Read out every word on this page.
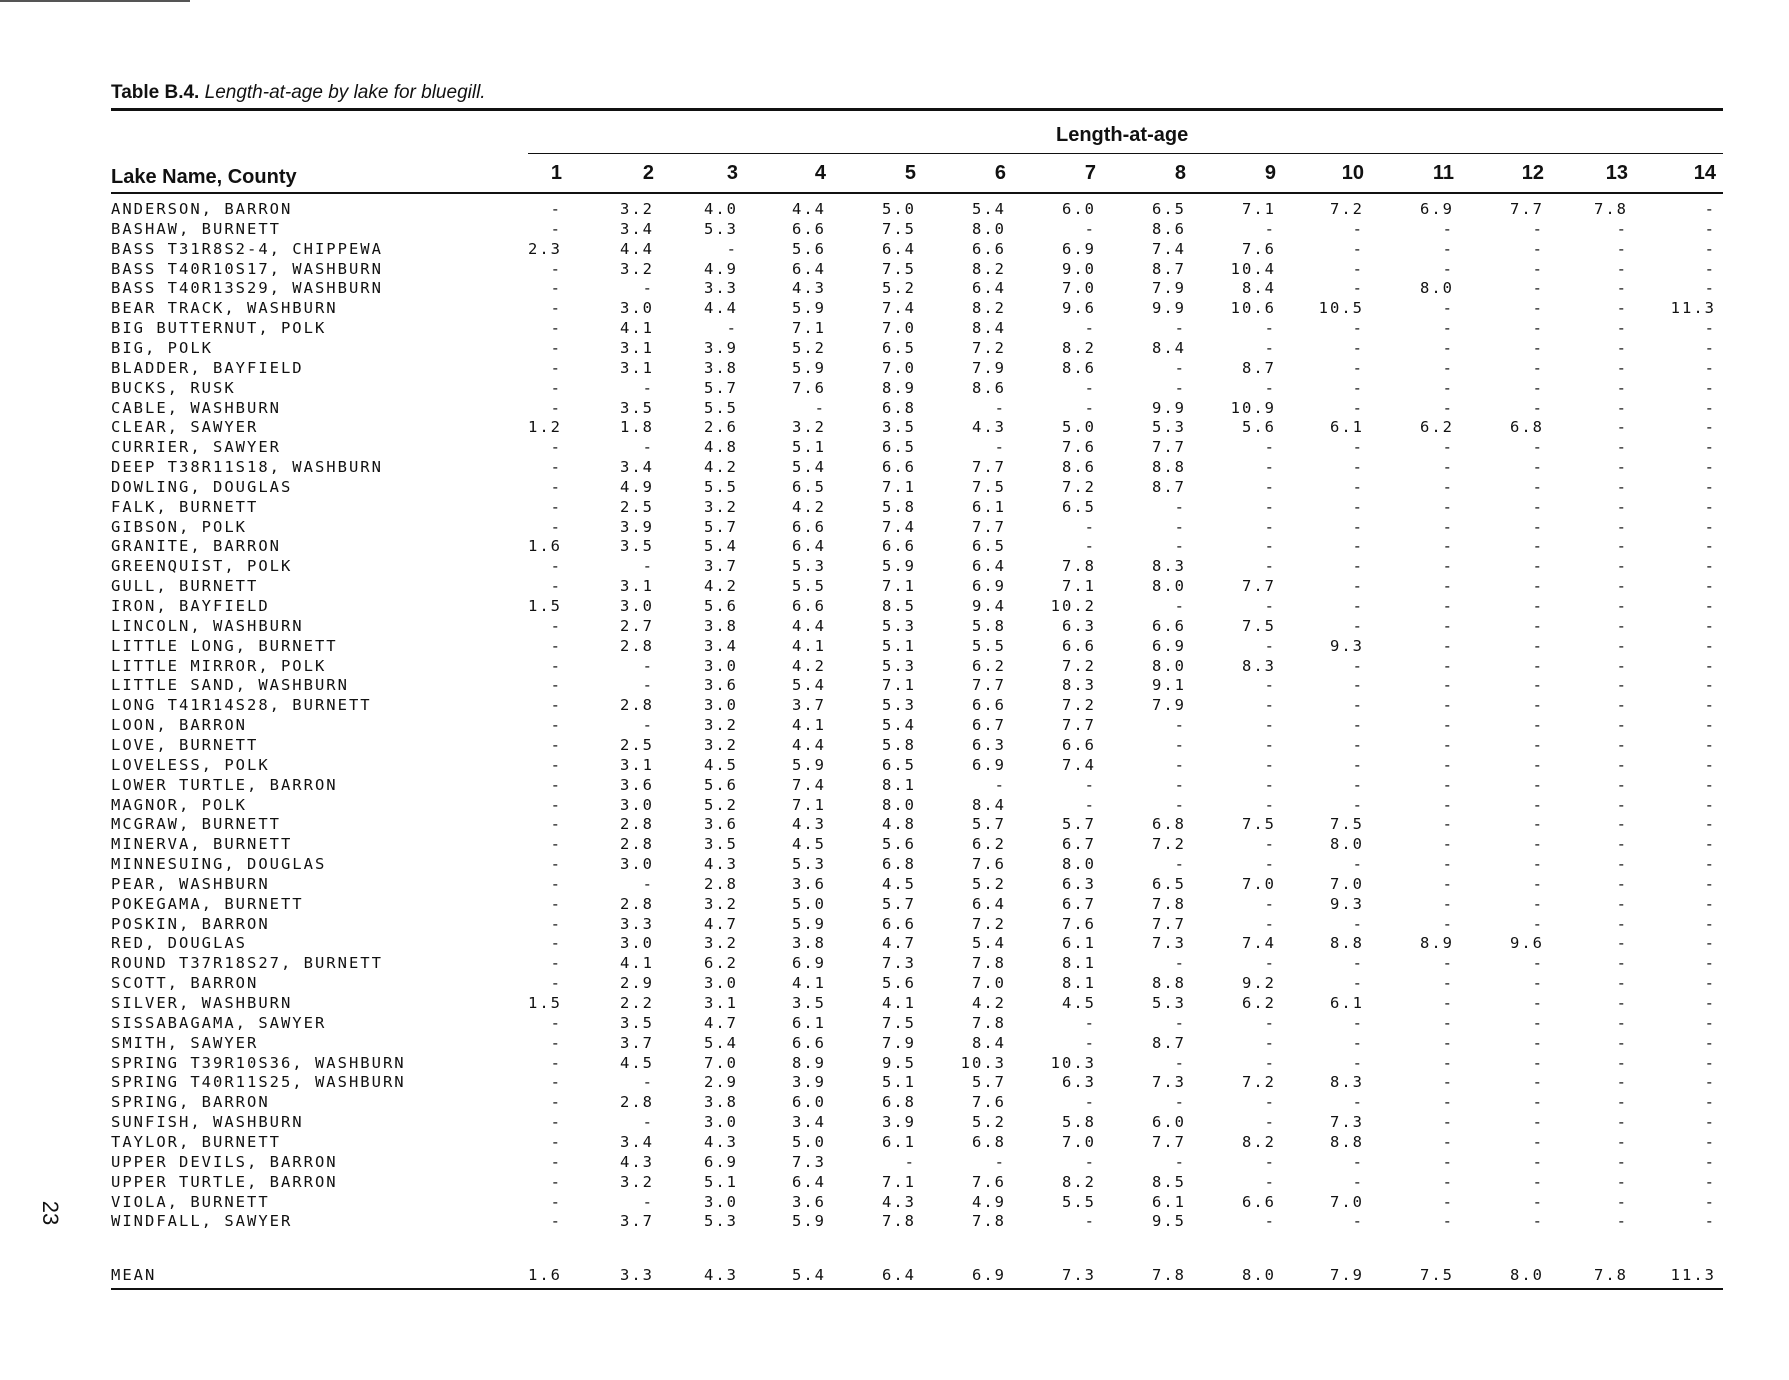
Table B.4. Length-at-age by lake for bluegill.
Length-at-age
Lake Name, County	1	2	3	4	5	6	7	8	9	10	11	12	13	14
ANDERSON, BARRON	-	3.2	4.0	4.4	5.0	5.4	6.0	6.5	7.1	7.2	6.9	7.7	7.8	-
BASHAW, BURNETT	-	3.4	5.3	6.6	7.5	8.0	-	8.6	-	-	-	-	-	-
BASS T31R8S2-4, CHIPPEWA	2.3	4.4	-	5.6	6.4	6.6	6.9	7.4	7.6	-	-	-	-	-
BASS T40R10S17, WASHBURN	-	3.2	4.9	6.4	7.5	8.2	9.0	8.7	10.4	-	-	-	-	-
BASS T40R13S29, WASHBURN	-	-	3.3	4.3	5.2	6.4	7.0	7.9	8.4	-	8.0	-	-	-
BEAR TRACK, WASHBURN	-	3.0	4.4	5.9	7.4	8.2	9.6	9.9	10.6	10.5	-	-	-	11.3
BIG BUTTERNUT, POLK	-	4.1	-	7.1	7.0	8.4	-	-	-	-	-	-	-	-
BIG, POLK	-	3.1	3.9	5.2	6.5	7.2	8.2	8.4	-	-	-	-	-	-
BLADDER, BAYFIELD	-	3.1	3.8	5.9	7.0	7.9	8.6	-	8.7	-	-	-	-	-
BUCKS, RUSK	-	-	5.7	7.6	8.9	8.6	-	-	-	-	-	-	-	-
CABLE, WASHBURN	-	3.5	5.5	-	6.8	-	-	9.9	10.9	-	-	-	-	-
CLEAR, SAWYER	1.2	1.8	2.6	3.2	3.5	4.3	5.0	5.3	5.6	6.1	6.2	6.8	-	-
CURRIER, SAWYER	-	-	4.8	5.1	6.5	-	7.6	7.7	-	-	-	-	-	-
DEEP T38R11S18, WASHBURN	-	3.4	4.2	5.4	6.6	7.7	8.6	8.8	-	-	-	-	-	-
DOWLING, DOUGLAS	-	4.9	5.5	6.5	7.1	7.5	7.2	8.7	-	-	-	-	-	-
FALK, BURNETT	-	2.5	3.2	4.2	5.8	6.1	6.5	-	-	-	-	-	-	-
GIBSON, POLK	-	3.9	5.7	6.6	7.4	7.7	-	-	-	-	-	-	-	-
GRANITE, BARRON	1.6	3.5	5.4	6.4	6.6	6.5	-	-	-	-	-	-	-	-
GREENQUIST, POLK	-	-	3.7	5.3	5.9	6.4	7.8	8.3	-	-	-	-	-	-
GULL, BURNETT	-	3.1	4.2	5.5	7.1	6.9	7.1	8.0	7.7	-	-	-	-	-
IRON, BAYFIELD	1.5	3.0	5.6	6.6	8.5	9.4	10.2	-	-	-	-	-	-	-
LINCOLN, WASHBURN	-	2.7	3.8	4.4	5.3	5.8	6.3	6.6	7.5	-	-	-	-	-
LITTLE LONG, BURNETT	-	2.8	3.4	4.1	5.1	5.5	6.6	6.9	-	9.3	-	-	-	-
LITTLE MIRROR, POLK	-	-	3.0	4.2	5.3	6.2	7.2	8.0	8.3	-	-	-	-	-
LITTLE SAND, WASHBURN	-	-	3.6	5.4	7.1	7.7	8.3	9.1	-	-	-	-	-	-
LONG T41R14S28, BURNETT	-	2.8	3.0	3.7	5.3	6.6	7.2	7.9	-	-	-	-	-	-
LOON, BARRON	-	-	3.2	4.1	5.4	6.7	7.7	-	-	-	-	-	-	-
LOVE, BURNETT	-	2.5	3.2	4.4	5.8	6.3	6.6	-	-	-	-	-	-	-
LOVELESS, POLK	-	3.1	4.5	5.9	6.5	6.9	7.4	-	-	-	-	-	-	-
LOWER TURTLE, BARRON	-	3.6	5.6	7.4	8.1	-	-	-	-	-	-	-	-	-
MAGNOR, POLK	-	3.0	5.2	7.1	8.0	8.4	-	-	-	-	-	-	-	-
MCGRAW, BURNETT	-	2.8	3.6	4.3	4.8	5.7	5.7	6.8	7.5	7.5	-	-	-	-
MINERVA, BURNETT	-	2.8	3.5	4.5	5.6	6.2	6.7	7.2	-	8.0	-	-	-	-
MINNESUING, DOUGLAS	-	3.0	4.3	5.3	6.8	7.6	8.0	-	-	-	-	-	-	-
PEAR, WASHBURN	-	-	2.8	3.6	4.5	5.2	6.3	6.5	7.0	7.0	-	-	-	-
POKEGAMA, BURNETT	-	2.8	3.2	5.0	5.7	6.4	6.7	7.8	-	9.3	-	-	-	-
POSKIN, BARRON	-	3.3	4.7	5.9	6.6	7.2	7.6	7.7	-	-	-	-	-	-
RED, DOUGLAS	-	3.0	3.2	3.8	4.7	5.4	6.1	7.3	7.4	8.8	8.9	9.6	-	-
ROUND T37R18S27, BURNETT	-	4.1	6.2	6.9	7.3	7.8	8.1	-	-	-	-	-	-	-
SCOTT, BARRON	-	2.9	3.0	4.1	5.6	7.0	8.1	8.8	9.2	-	-	-	-	-
SILVER, WASHBURN	1.5	2.2	3.1	3.5	4.1	4.2	4.5	5.3	6.2	6.1	-	-	-	-
SISSABAGAMA, SAWYER	-	3.5	4.7	6.1	7.5	7.8	-	-	-	-	-	-	-	-
SMITH, SAWYER	-	3.7	5.4	6.6	7.9	8.4	-	8.7	-	-	-	-	-	-
SPRING T39R10S36, WASHBURN	-	4.5	7.0	8.9	9.5	10.3	10.3	-	-	-	-	-	-	-
SPRING T40R11S25, WASHBURN	-	-	2.9	3.9	5.1	5.7	6.3	7.3	7.2	8.3	-	-	-	-
SPRING, BARRON	-	2.8	3.8	6.0	6.8	7.6	-	-	-	-	-	-	-	-
SUNFISH, WASHBURN	-	-	3.0	3.4	3.9	5.2	5.8	6.0	-	7.3	-	-	-	-
TAYLOR, BURNETT	-	3.4	4.3	5.0	6.1	6.8	7.0	7.7	8.2	8.8	-	-	-	-
UPPER DEVILS, BARRON	-	4.3	6.9	7.3	-	-	-	-	-	-	-	-	-	-
UPPER TURTLE, BARRON	-	3.2	5.1	6.4	7.1	7.6	8.2	8.5	-	-	-	-	-	-
VIOLA, BURNETT	-	-	3.0	3.6	4.3	4.9	5.5	6.1	6.6	7.0	-	-	-	-
WINDFALL, SAWYER	-	3.7	5.3	5.9	7.8	7.8	-	9.5	-	-	-	-	-	-
MEAN	1.6	3.3	4.3	5.4	6.4	6.9	7.3	7.8	8.0	7.9	7.5	8.0	7.8	11.3
23
